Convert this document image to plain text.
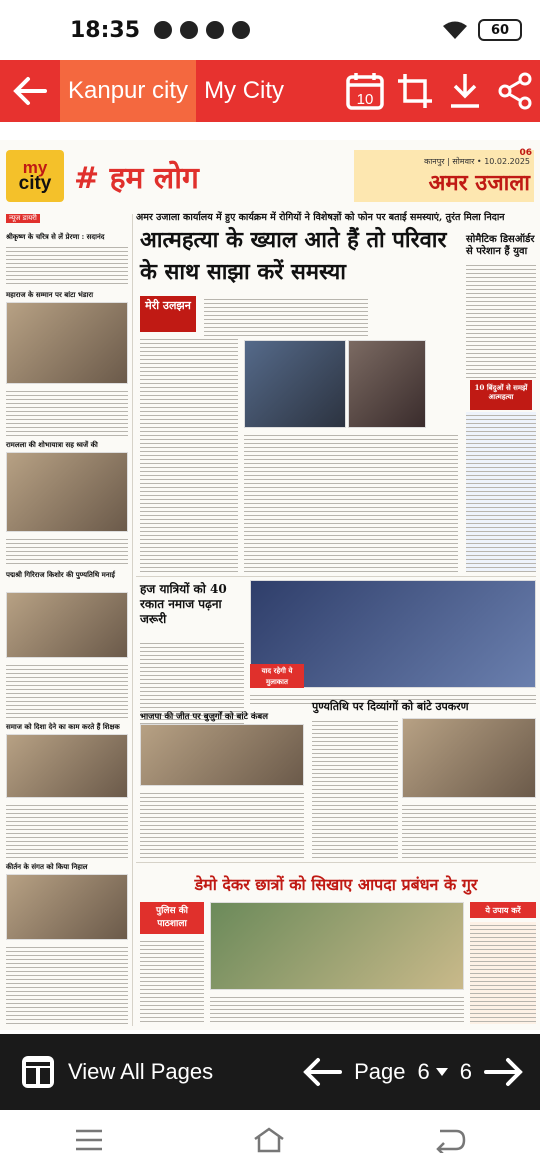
18:35	60
Kanpur city My City	10
my
city # हम लोग	कानपुर | सोमवार • 10.02.2025
अमर उजाला
06
न्यूज डायरी
श्रीकृष्ण के चरित्र से लें प्रेरणा : सदानंद
महाराज के सम्मान पर बांटा भंडारा
रामलला की शोभायात्रा सह ध्वजें की
पद्मश्री गिरिराज किशोर की पुण्यतिथि मनाई
समाज को दिशा देने का काम करते हैं शिक्षक
कीर्तन के संगत को किया निहाल
अमर उजाला कार्यालय में हुए कार्यक्रम में रोगियों ने विशेषज्ञों को फोन पर बताई समस्याएं, तुरंत मिला निदान
आत्महत्या के ख्याल आते हैं तो परिवार के साथ साझा करें समस्या
मेरी उलझन
सोमैटिक डिसऑर्डर से परेशान हैं युवा
10 बिंदुओं से समझें आत्महत्या
हज यात्रियों को 40 रकात नमाज पढ़ना जरूरी
याद रहेगी ये मुलाकात
भाजपा की जीत पर बुजुर्गों को बांटे कंबल
पुण्यतिथि पर दिव्यांगों को बांटे उपकरण
डेमो देकर छात्रों को सिखाए आपदा प्रबंधन के गुर
पुलिस की पाठशाला
ये उपाय करें
View All Pages	Page 6 6
